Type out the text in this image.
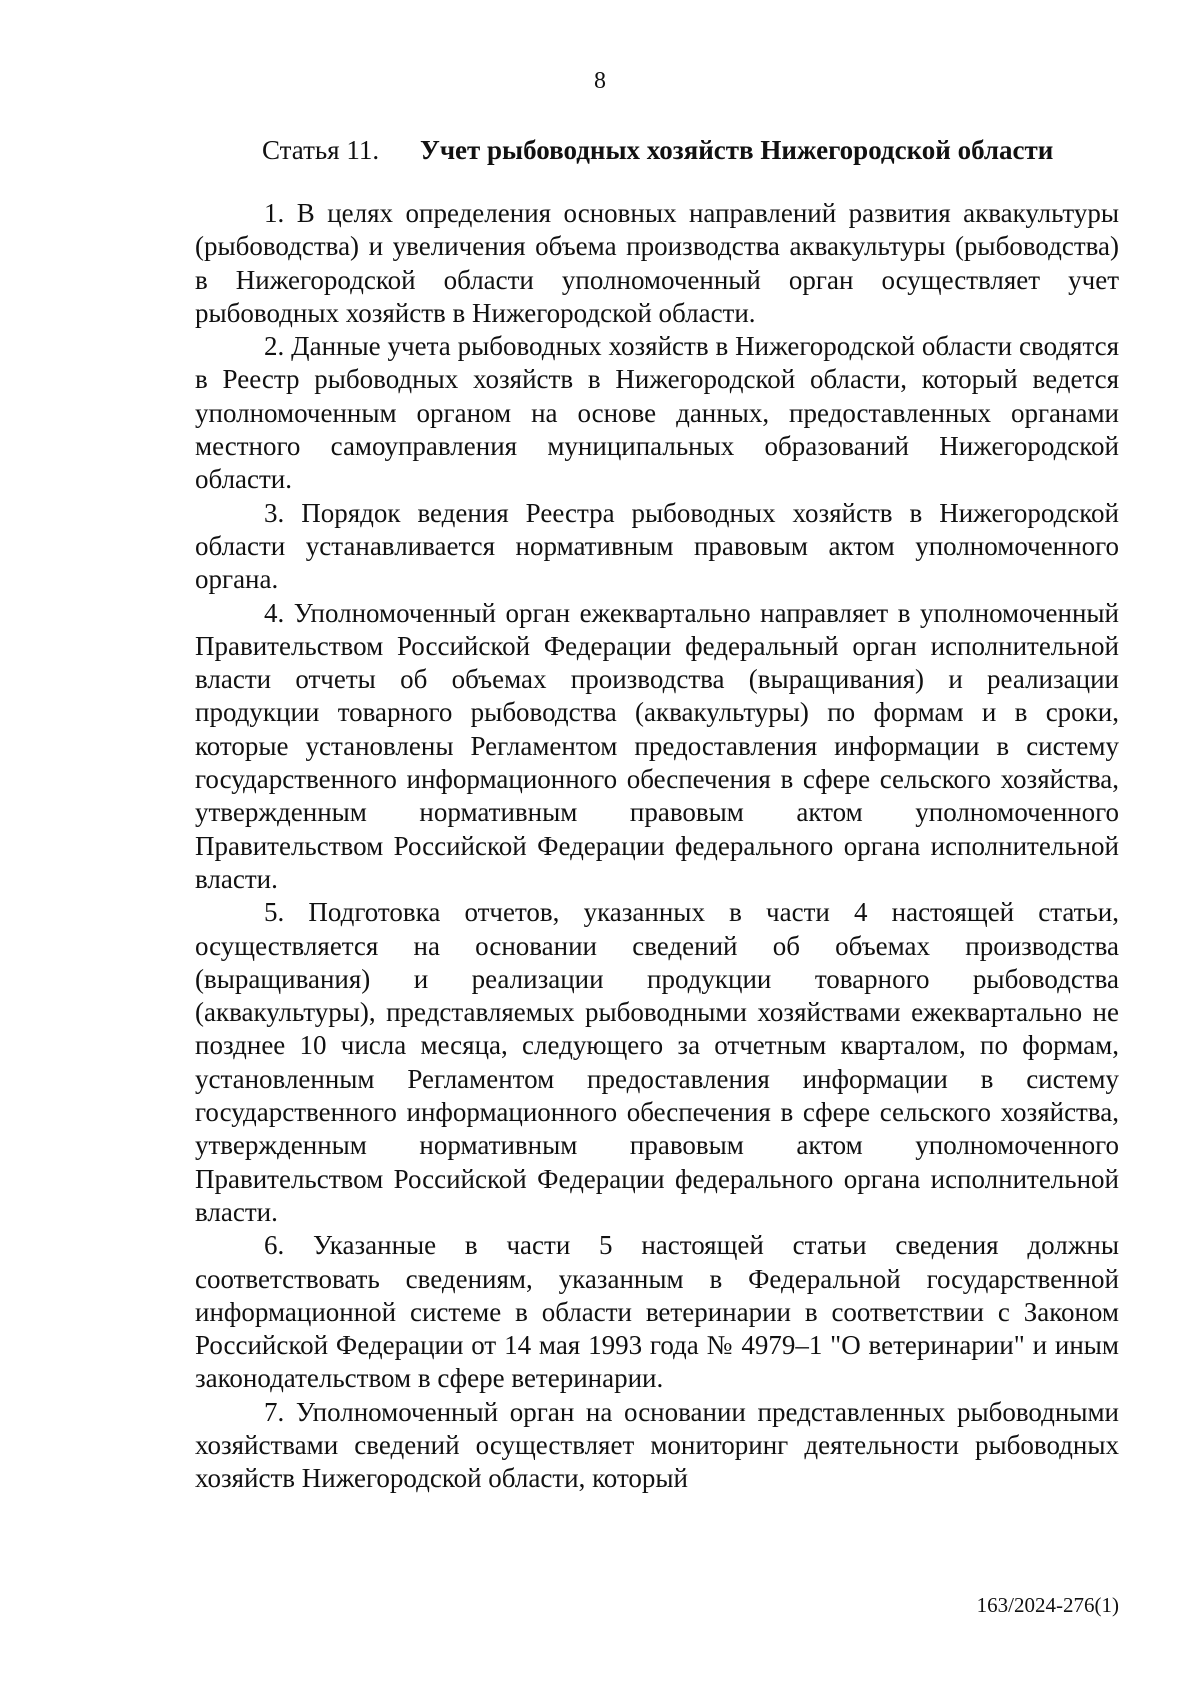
8
Статья 11. Учет рыбоводных хозяйств Нижегородской области

1. В целях определения основных направлений развития аквакультуры (рыбоводства) и увеличения объема производства аквакультуры (рыбоводства) в Нижегородской области уполномоченный орган осуществляет учет рыбоводных хозяйств в Нижегородской области.

2. Данные учета рыбоводных хозяйств в Нижегородской области сводятся в Реестр рыбоводных хозяйств в Нижегородской области, который ведется уполномоченным органом на основе данных, предоставленных органами местного самоуправления муниципальных образований Нижегородской области.

3. Порядок ведения Реестра рыбоводных хозяйств в Нижегородской области устанавливается нормативным правовым актом уполномоченного органа.

4. Уполномоченный орган ежеквартально направляет в уполномоченный Правительством Российской Федерации федеральный орган исполнительной власти отчеты об объемах производства (выращивания) и реализации продукции товарного рыбоводства (аквакультуры) по формам и в сроки, которые установлены Регламентом предоставления информации в систему государственного информационного обеспечения в сфере сельского хозяйства, утвержденным нормативным правовым актом уполномоченного Правительством Российской Федерации федерального органа исполнительной власти.

5. Подготовка отчетов, указанных в части 4 настоящей статьи, осуществляется на основании сведений об объемах производства (выращивания) и реализации продукции товарного рыбоводства (аквакультуры), представляемых рыбоводными хозяйствами ежеквартально не позднее 10 числа месяца, следующего за отчетным кварталом, по формам, установленным Регламентом предоставления информации в систему государственного информационного обеспечения в сфере сельского хозяйства, утвержденным нормативным правовым актом уполномоченного Правительством Российской Федерации федерального органа исполнительной власти.

6. Указанные в части 5 настоящей статьи сведения должны соответствовать сведениям, указанным в Федеральной государственной информационной системе в области ветеринарии в соответствии с Законом Российской Федерации от 14 мая 1993 года № 4979–1 "О ветеринарии" и иным законодательством в сфере ветеринарии.

7. Уполномоченный орган на основании представленных рыбоводными хозяйствами сведений осуществляет мониторинг деятельности рыбоводных хозяйств Нижегородской области, который

163/2024-276(1)
